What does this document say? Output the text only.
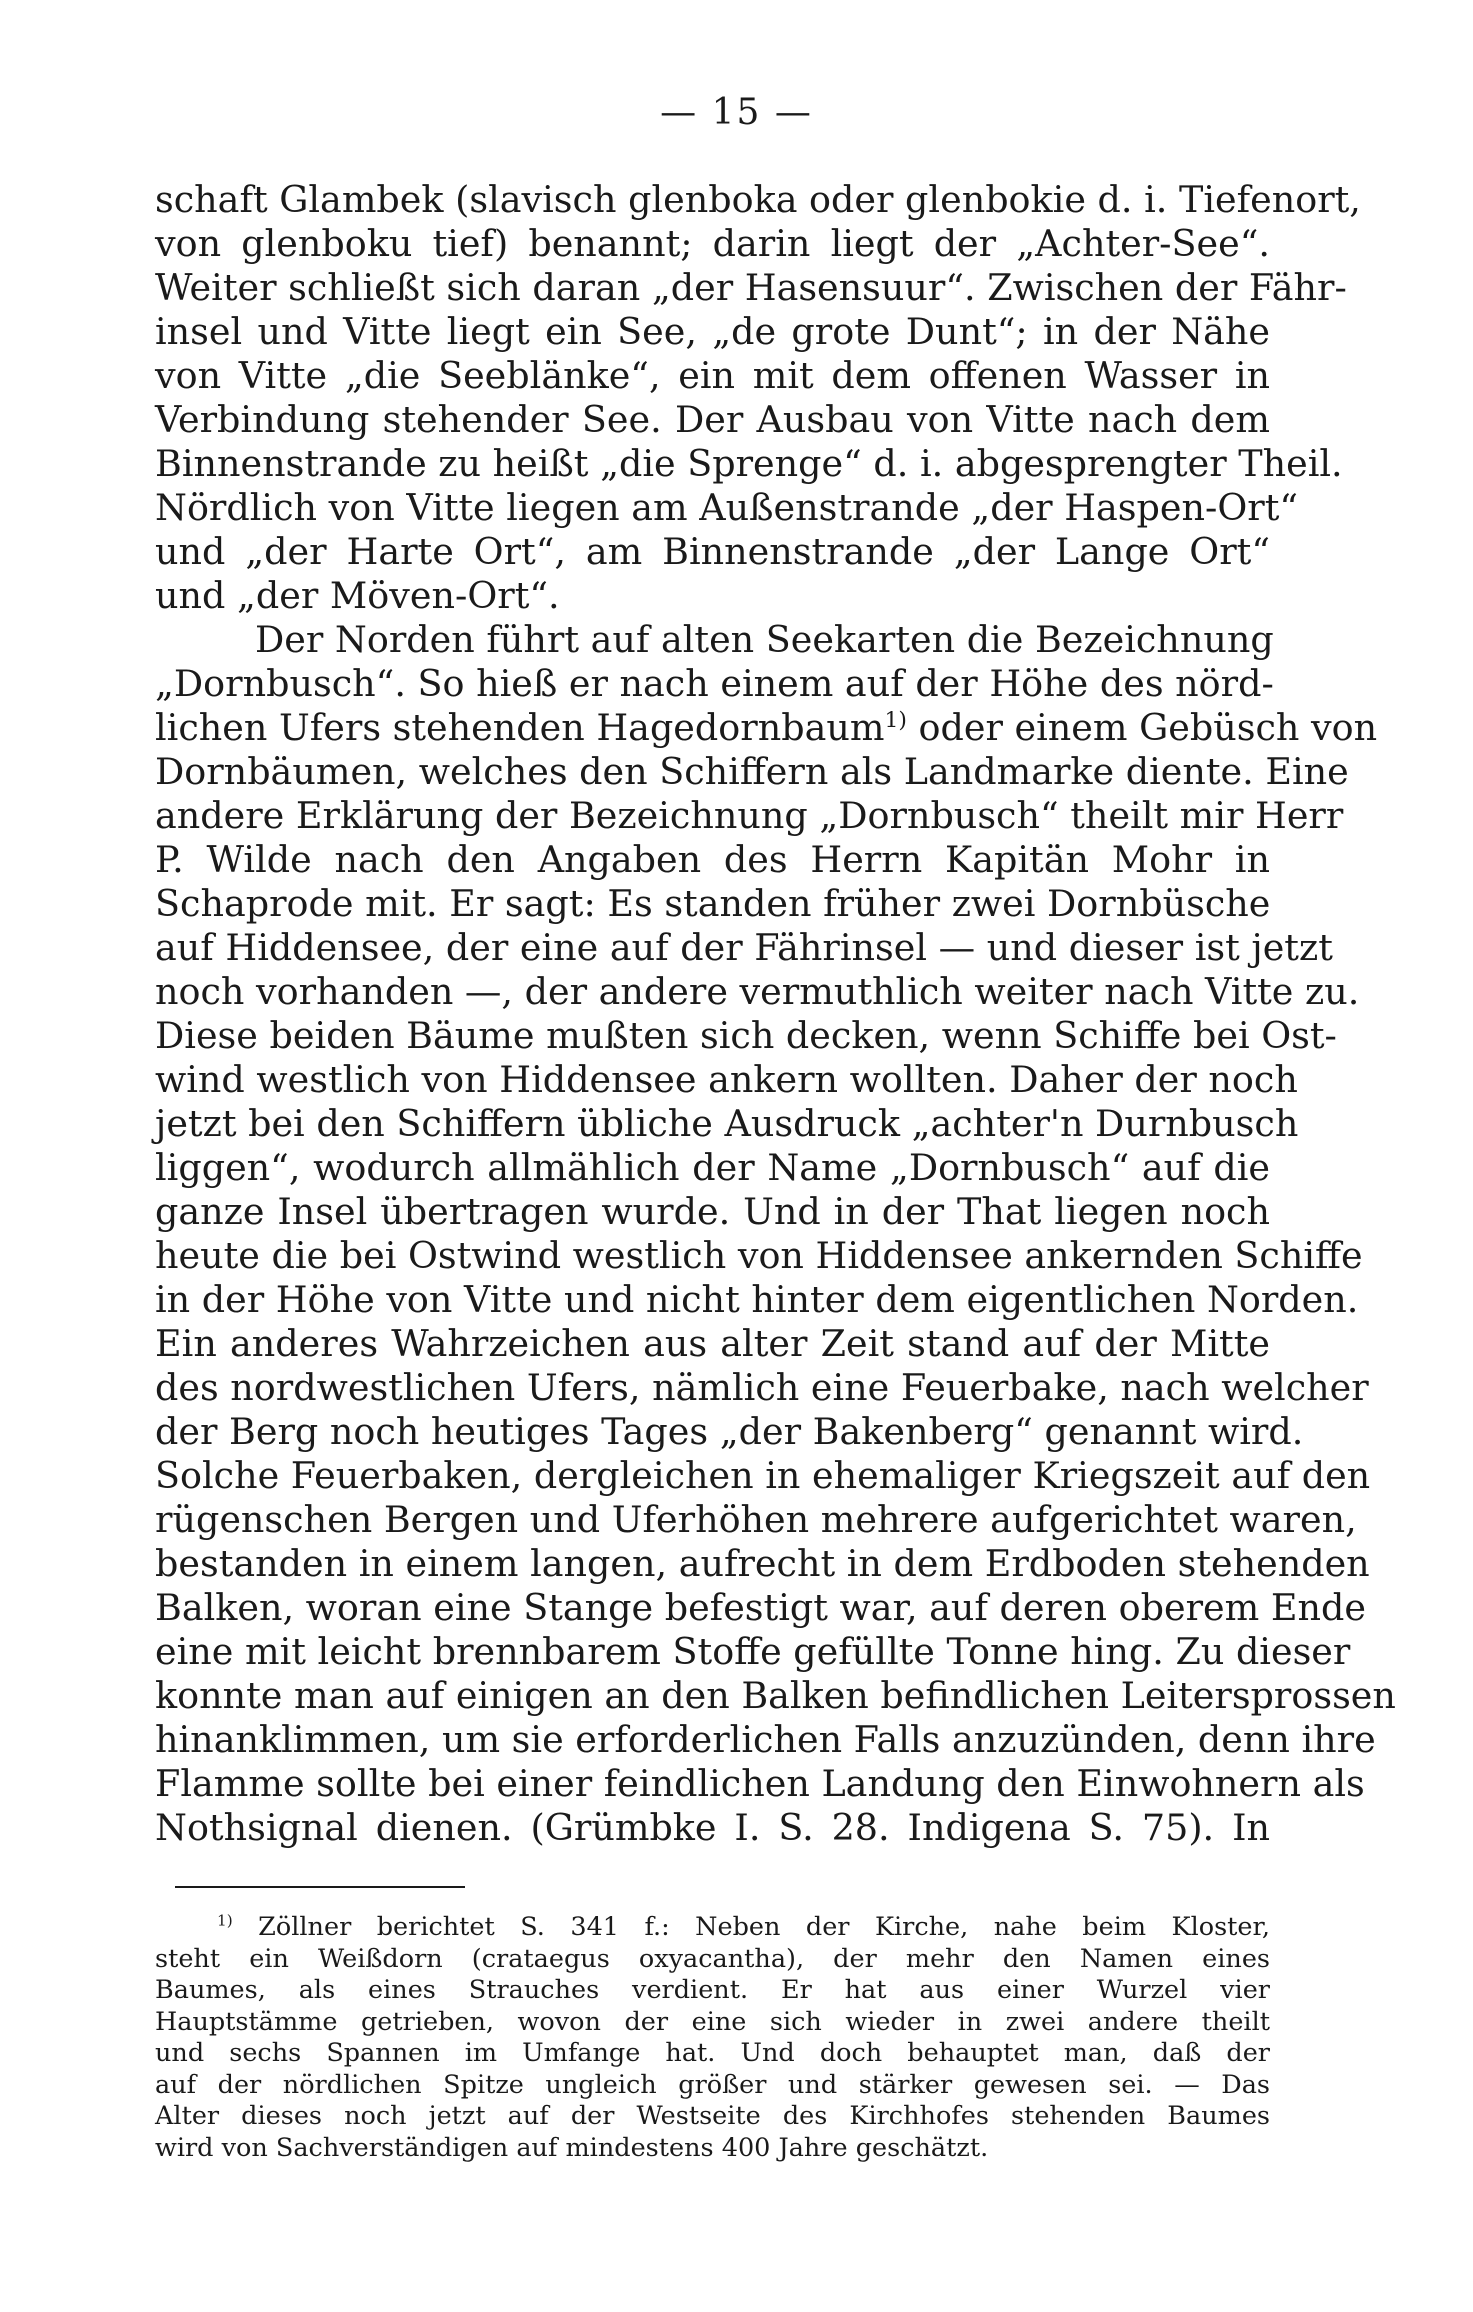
— 15 —
schaft Glambek (slavisch glenboka oder glenbokie d. i. Tiefenort,
von glenboku tief) benannt; darin liegt der „Achter-See“.
Weiter schließt sich daran „der Hasensuur“. Zwischen der Fähr-
insel und Vitte liegt ein See, „de grote Dunt“; in der Nähe
von Vitte „die Seeblänke“, ein mit dem offenen Wasser in
Verbindung stehender See. Der Ausbau von Vitte nach dem
Binnenstrande zu heißt „die Sprenge“ d. i. abgesprengter Theil.
Nördlich von Vitte liegen am Außenstrande „der Haspen-Ort“
und „der Harte Ort“, am Binnenstrande „der Lange Ort“
und „der Möven-Ort“.
Der Norden führt auf alten Seekarten die Bezeichnung
„Dornbusch“. So hieß er nach einem auf der Höhe des nörd-
lichen Ufers stehenden Hagedornbaum$^{1)}$ oder einem Gebüsch von
Dornbäumen, welches den Schiffern als Landmarke diente. Eine
andere Erklärung der Bezeichnung „Dornbusch“ theilt mir Herr
P. Wilde nach den Angaben des Herrn Kapitän Mohr in
Schaprode mit. Er sagt: Es standen früher zwei Dornbüsche
auf Hiddensee, der eine auf der Fährinsel — und dieser ist jetzt
noch vorhanden —, der andere vermuthlich weiter nach Vitte zu.
Diese beiden Bäume mußten sich decken, wenn Schiffe bei Ost-
wind westlich von Hiddensee ankern wollten. Daher der noch
jetzt bei den Schiffern übliche Ausdruck „achter'n Durnbusch
liggen“, wodurch allmählich der Name „Dornbusch“ auf die
ganze Insel übertragen wurde. Und in der That liegen noch
heute die bei Ostwind westlich von Hiddensee ankernden Schiffe
in der Höhe von Vitte und nicht hinter dem eigentlichen Norden.
Ein anderes Wahrzeichen aus alter Zeit stand auf der Mitte
des nordwestlichen Ufers, nämlich eine Feuerbake, nach welcher
der Berg noch heutiges Tages „der Bakenberg“ genannt wird.
Solche Feuerbaken, dergleichen in ehemaliger Kriegszeit auf den
rügenschen Bergen und Uferhöhen mehrere aufgerichtet waren,
bestanden in einem langen, aufrecht in dem Erdboden stehenden
Balken, woran eine Stange befestigt war, auf deren oberem Ende
eine mit leicht brennbarem Stoffe gefüllte Tonne hing. Zu dieser
konnte man auf einigen an den Balken befindlichen Leitersprossen
hinanklimmen, um sie erforderlichen Falls anzuzünden, denn ihre
Flamme sollte bei einer feindlichen Landung den Einwohnern als
Nothsignal dienen. (Grümbke I. S. 28. Indigena S. 75). In
$^{1)}$ Zöllner berichtet S. 341 f.: Neben der Kirche, nahe beim Kloster,
steht ein Weißdorn (crataegus oxyacantha), der mehr den Namen eines
Baumes, als eines Strauches verdient. Er hat aus einer Wurzel vier
Hauptstämme getrieben, wovon der eine sich wieder in zwei andere theilt
und sechs Spannen im Umfange hat. Und doch behauptet man, daß der
auf der nördlichen Spitze ungleich größer und stärker gewesen sei. — Das
Alter dieses noch jetzt auf der Westseite des Kirchhofes stehenden Baumes
wird von Sachverständigen auf mindestens 400 Jahre geschätzt.
